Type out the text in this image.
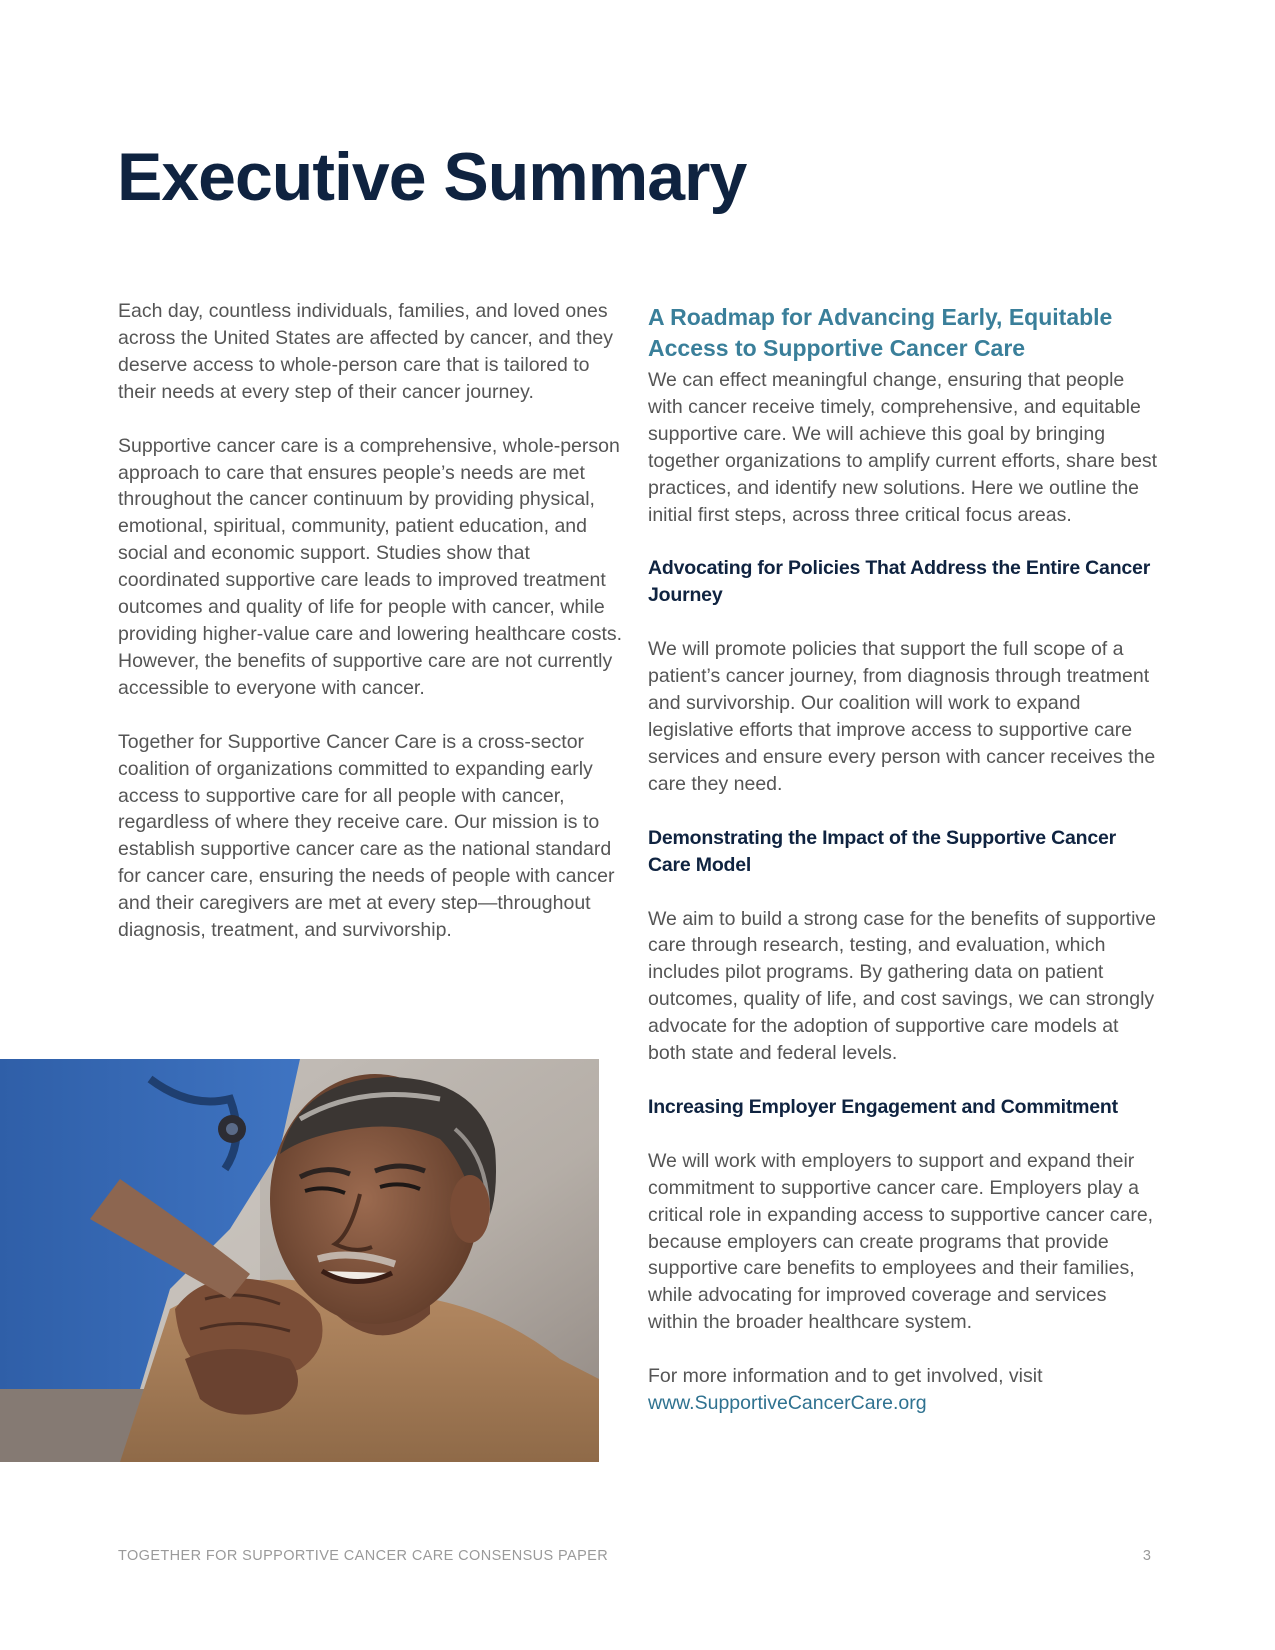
Executive Summary

Each day, countless individuals, families, and loved ones across the United States are affected by cancer, and they deserve access to whole-person care that is tailored to their needs at every step of their cancer journey.

Supportive cancer care is a comprehensive, whole-person approach to care that ensures people’s needs are met throughout the cancer continuum by providing physical, emotional, spiritual, community, patient education, and social and economic support. Studies show that coordinated supportive care leads to improved treatment outcomes and quality of life for people with cancer, while providing higher-value care and lowering healthcare costs. However, the benefits of supportive care are not currently accessible to everyone with cancer.

Together for Supportive Cancer Care is a cross-sector coalition of organizations committed to expanding early access to supportive care for all people with cancer, regardless of where they receive care. Our mission is to establish supportive cancer care as the national standard for cancer care, ensuring the needs of people with cancer and their caregivers are met at every step—throughout diagnosis, treatment, and survivorship.

A Roadmap for Advancing Early, Equitable Access to Supportive Cancer Care

We can effect meaningful change, ensuring that people with cancer receive timely, comprehensive, and equitable supportive care. We will achieve this goal by bringing together organizations to amplify current efforts, share best practices, and identify new solutions. Here we outline the initial first steps, across three critical focus areas.

Advocating for Policies That Address the Entire Cancer Journey

We will promote policies that support the full scope of a patient’s cancer journey, from diagnosis through treatment and survivorship. Our coalition will work to expand legislative efforts that improve access to supportive care services and ensure every person with cancer receives the care they need.

Demonstrating the Impact of the Supportive Cancer Care Model

We aim to build a strong case for the benefits of supportive care through research, testing, and evaluation, which includes pilot programs. By gathering data on patient outcomes, quality of life, and cost savings, we can strongly advocate for the adoption of supportive care models at both state and federal levels.

Increasing Employer Engagement and Commitment

We will work with employers to support and expand their commitment to supportive cancer care. Employers play a critical role in expanding access to supportive cancer care, because employers can create programs that provide supportive care benefits to employees and their families, while advocating for improved coverage and services within the broader healthcare system.

For more information and to get involved, visit
www.SupportiveCancerCare.org

TOGETHER FOR SUPPORTIVE CANCER CARE CONSENSUS PAPER	3
